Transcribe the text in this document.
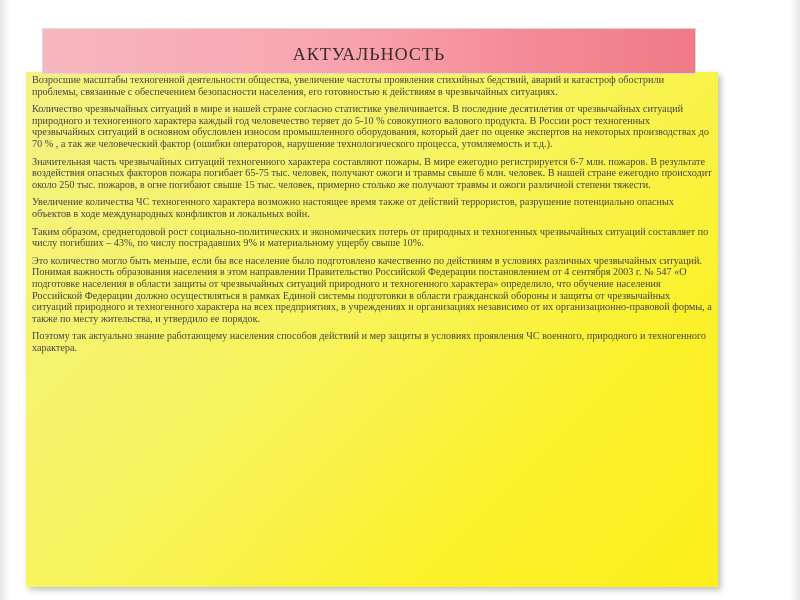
Возросшие масштабы техногенной деятельности общества, увеличение частоты проявления стихийных бедствий, аварий и катастроф обострили проблемы, связанные с обеспечением безопасности населения, его готовностью к действиям в чрезвычайных ситуациях.

Количество чрезвычайных ситуаций в мире и нашей стране согласно статистике увеличивается. В последние десятилетия от чрезвычайных ситуаций природного и техногенного характера каждый год человечество теряет до 5-10 % совокупного валового продукта. В России рост техногенных чрезвычайных ситуаций в основном обусловлен износом промышленного оборудования, который дает по оценке экспертов на некоторых производствах до 70 % , а так же человеческий фактор (ошибки операторов, нарушение технологического процесса, утомляемость и т.д.).

Значительная часть чрезвычайных ситуаций техногенного характера составляют пожары. В мире ежегодно регистрируется 6-7 млн. пожаров. В результате воздействия опасных факторов пожара погибает 65-75 тыс. человек, получают ожоги и травмы свыше 6 млн. человек. В нашей стране ежегодно происходит около 250 тыс. пожаров, в огне погибают свыше 15 тыс. человек, примерно столько же получают травмы и ожоги различной степени тяжести.

Увеличение количества ЧС техногенного характера возможно настоящее время также от действий террористов, разрушение потенциально опасных объектов в ходе международных конфликтов и локальных войн.

Таким образом, среднегодовой рост социально-политических и экономических потерь от природных и техногенных чрезвычайных ситуаций составляет по числу погибших – 43%, по числу пострадавших 9% и материальному ущербу свыше 10%.

Это количество могло быть меньше, если бы все население было подготовлено качественно по действиям в условиях различных чрезвычайных ситуаций. Понимая важность образования населения в этом направлении Правительство Российской Федерации постановлением от 4 сентября 2003 г. № 547 «О подготовке населения в области защиты от чрезвычайных ситуаций природного и техногенного характера» определило, что обучение населения Российской Федерации должно осуществляться в рамках Единой системы подготовки в области гражданской обороны и защиты от чрезвычайных ситуаций природного и техногенного характера на всех предприятиях, в учреждениях и организациях независимо от их организационно-правовой формы, а также по месту жительства, и утвердило ее порядок.

Поэтому так актуально знание работающему населения способов действий и мер защиты в условиях проявления ЧС военного, природного и техногенного характера.

АКТУАЛЬНОСТЬ
